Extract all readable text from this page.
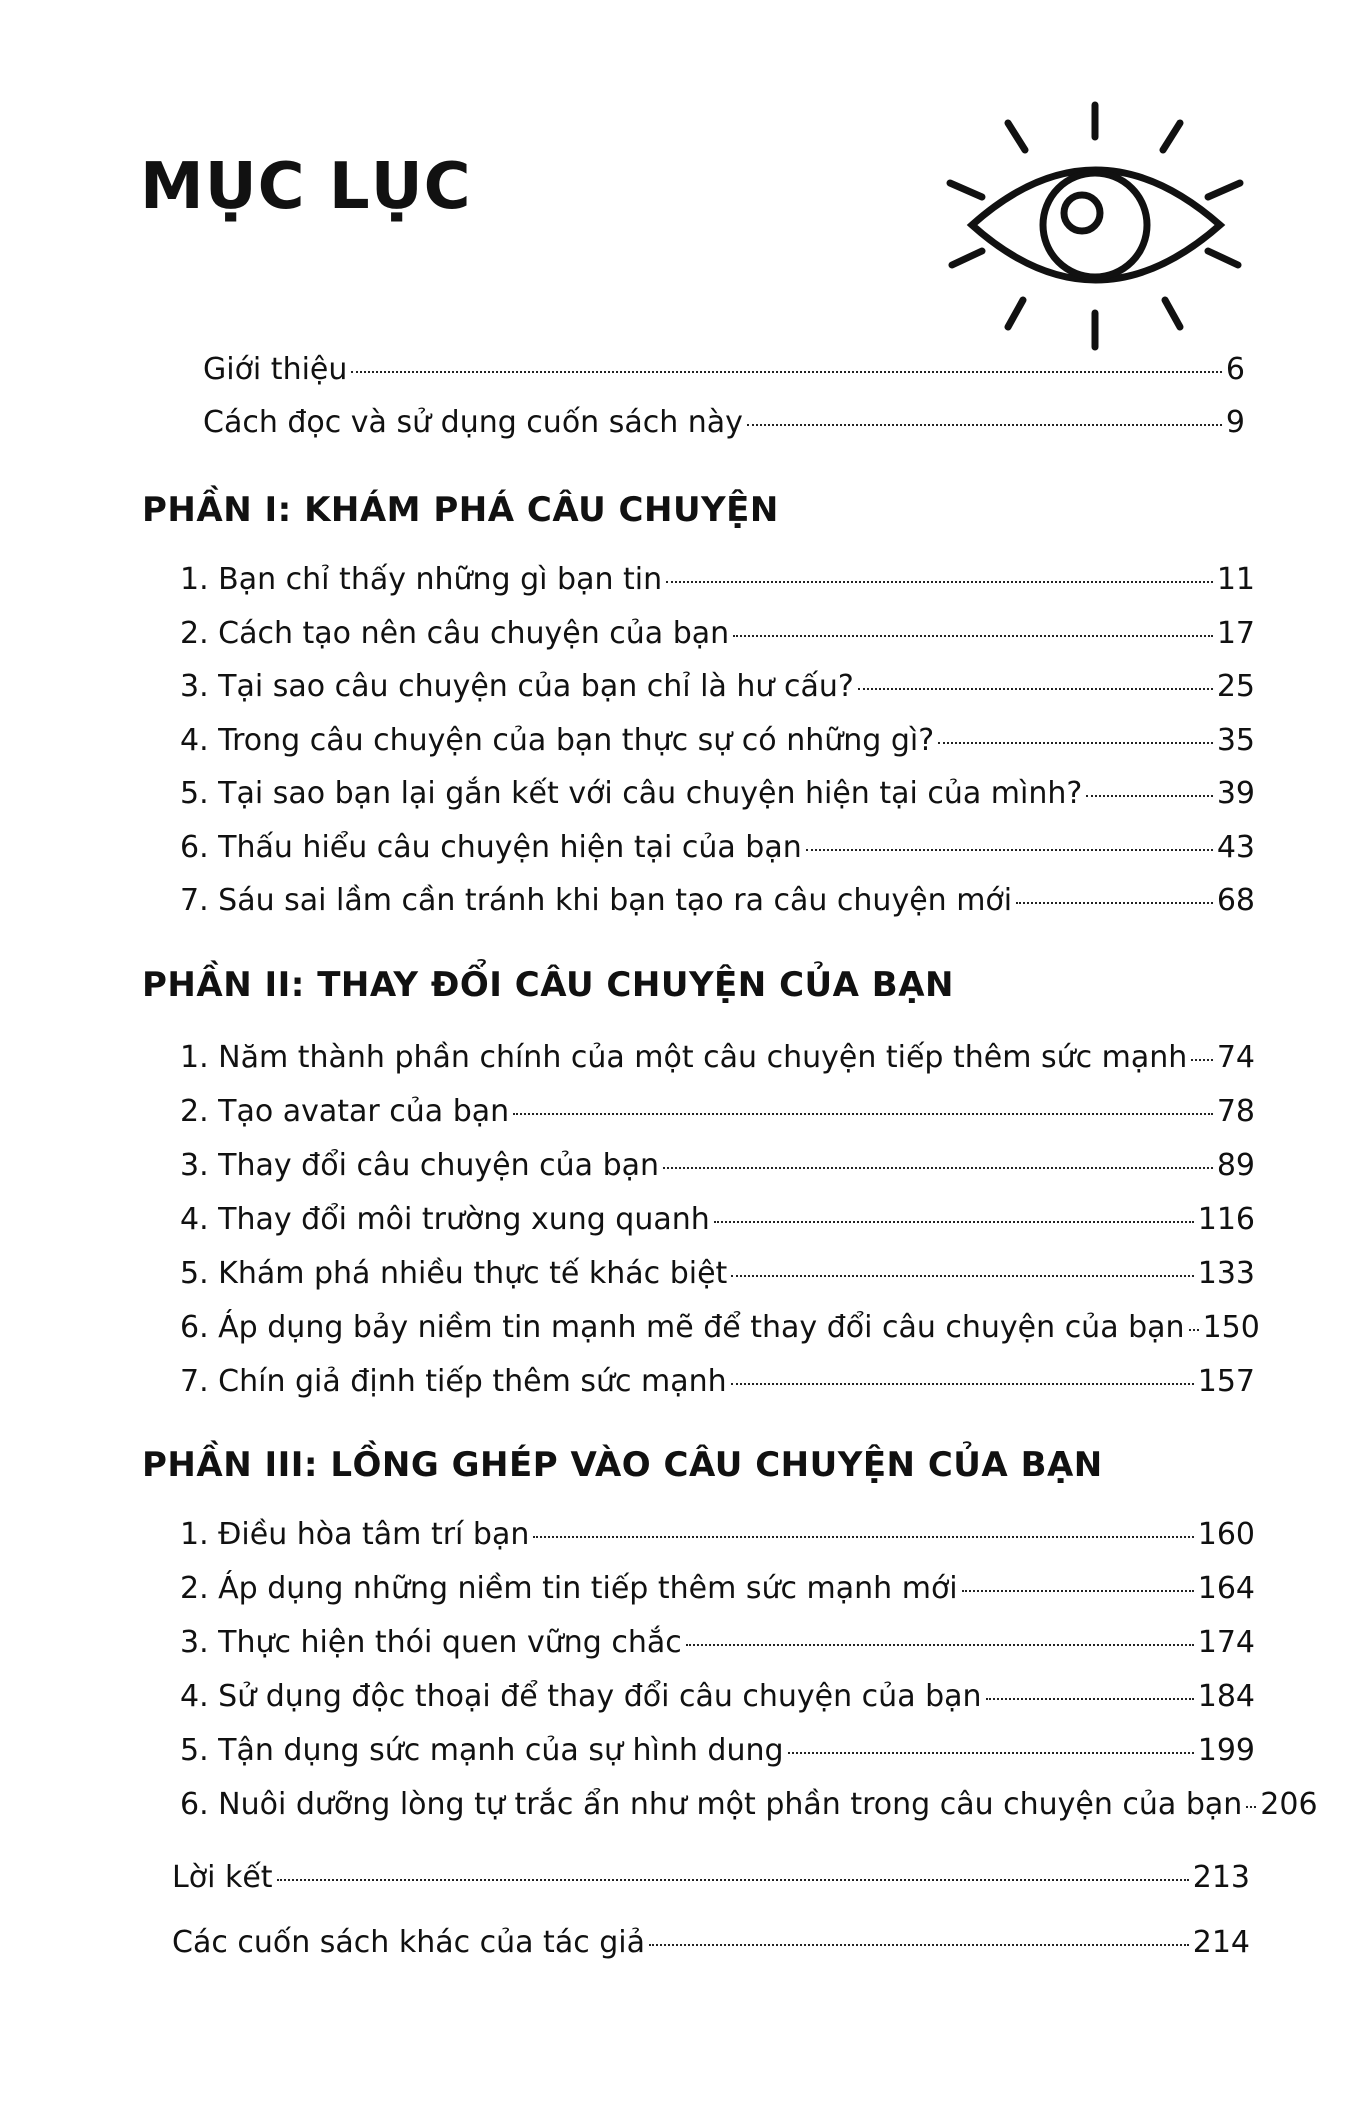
MỤC LỤC
Giới thiệu	6
Cách đọc và sử dụng cuốn sách này	9
PHẦN I: KHÁM PHÁ CÂU CHUYỆN
1. Bạn chỉ thấy những gì bạn tin	11
2. Cách tạo nên câu chuyện của bạn	17
3. Tại sao câu chuyện của bạn chỉ là hư cấu?	25
4. Trong câu chuyện của bạn thực sự có những gì?	35
5. Tại sao bạn lại gắn kết với câu chuyện hiện tại của mình?	39
6. Thấu hiểu câu chuyện hiện tại của bạn	43
7. Sáu sai lầm cần tránh khi bạn tạo ra câu chuyện mới	68
PHẦN II: THAY ĐỔI CÂU CHUYỆN CỦA BẠN
1. Năm thành phần chính của một câu chuyện tiếp thêm sức mạnh 74
2. Tạo avatar của bạn	78
3. Thay đổi câu chuyện của bạn	89
4. Thay đổi môi trường xung quanh	116
5. Khám phá nhiều thực tế khác biệt	133
6. Áp dụng bảy niềm tin mạnh mẽ để thay đổi câu chuyện của bạn 150
7. Chín giả định tiếp thêm sức mạnh	157
PHẦN III: LỒNG GHÉP VÀO CÂU CHUYỆN CỦA BẠN
1. Điều hòa tâm trí bạn	160
2. Áp dụng những niềm tin tiếp thêm sức mạnh mới	164
3. Thực hiện thói quen vững chắc	174
4. Sử dụng độc thoại để thay đổi câu chuyện của bạn	184
5. Tận dụng sức mạnh của sự hình dung	199
6. Nuôi dưỡng lòng tự trắc ẩn như một phần trong câu chuyện của bạn 206
Lời kết	213
Các cuốn sách khác của tác giả	214
